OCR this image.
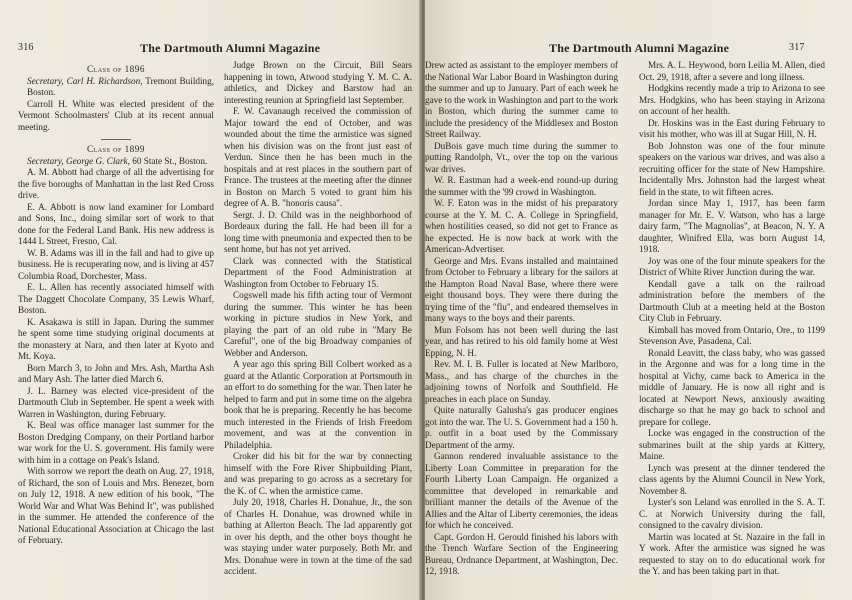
316	The Dartmouth Alumni Magazine

Class of 1896

Secretary, Carl H. Richardson, Tremont Building, Boston.

Carroll H. White was elected president of the Vermont Schoolmasters' Club at its recent annual meeting.

Class of 1899

Secretary, George G. Clark, 60 State St., Boston.

A. M. Abbott had charge of all the advertising for the five boroughs of Manhattan in the last Red Cross drive.

E. A. Abbott is now land examiner for Lombard and Sons, Inc., doing similar sort of work to that done for the Federal Land Bank. His new address is 1444 L Street, Fresno, Cal.

W. B. Adams was ill in the fall and had to give up business. He is recuperating now, and is living at 457 Columbia Road, Dorchester, Mass.

E. L. Allen has recently associated himself with The Daggett Chocolate Company, 35 Lewis Wharf, Boston.

K. Asakawa is still in Japan. During the summer he spent some time studying original documents at the monastery at Nara, and then later at Kyoto and Mt. Koya.

Born March 3, to John and Mrs. Ash, Martha Ash and Mary Ash. The latter died March 6.

J. L. Barney was elected vice-president of the Dartmouth Club in September. He spent a week with Warren in Washington, during February.

K. Beal was office manager last summer for the Boston Dredging Company, on their Portland harbor war work for the U. S. government. His family were with him in a cottage on Peak's Island.

With sorrow we report the death on Aug. 27, 1918, of Richard, the son of Louis and Mrs. Benezet, born on July 12, 1918. A new edition of his book, "The World War and What Was Behind It", was published in the summer. He attended the conference of the National Educational Association at Chicago the last of February.

Judge Brown on the Circuit, Bill Sears happening in town, Atwood studying Y. M. C. A. athletics, and Dickey and Barstow had an interesting reunion at Springfield last September.

F. W. Cavanaugh received the commission of Major toward the end of October, and was wounded about the time the armistice was signed when his division was on the front just east of Verdun. Since then he has been much in the hospitals and at rest places in the southern part of France. The trustees at the meeting after the dinner in Boston on March 5 voted to grant him his degree of A. B. "honoris causa".

Sergt. J. D. Child was in the neighborhood of Bordeaux during the fall. He had been ill for a long time with pneumonia and expected then to be sent home, but has not yet arrived.

Clark was connected with the Statistical Department of the Food Administration at Washington from October to February 15.

Cogswell made his fifth acting tour of Vermont during the summer. This winter he has been working in picture studios in New York, and playing the part of an old rube in "Mary Be Careful", one of the big Broadway companies of Webber and Anderson.

A year ago this spring Bill Colbert worked as a guard at the Atlantic Corporation at Portsmouth in an effort to do something for the war. Then later he helped to farm and put in some time on the algebra book that he is preparing. Recently he has become much interested in the Friends of Irish Freedom movement, and was at the convention in Philadelphia.

Croker did his bit for the war by connecting himself with the Fore River Shipbuilding Plant, and was preparing to go across as a secretary for the K. of C. when the armistice came.

July 20, 1918, Charles H. Donahue, Jr., the son of Charles H. Donahue, was drowned while in bathing at Allerton Beach. The lad apparently got in over his depth, and the other boys thought he was staying under water purposely. Both Mr. and Mrs. Donahue were in town at the time of the sad accident.

The Dartmouth Alumni Magazine	317

Drew acted as assistant to the employer members of the National War Labor Board in Washington during the summer and up to January. Part of each week he gave to the work in Washington and part to the work in Boston, which during the summer came to include the presidency of the Middlesex and Boston Street Railway.

DuBois gave much time during the summer to putting Randolph, Vt., over the top on the various war drives.

W. R. Eastman had a week-end round-up during the summer with the '99 crowd in Washington.

W. F. Eaton was in the midst of his preparatory course at the Y. M. C. A. College in Springfield, when hostilities ceased, so did not get to France as he expected. He is now back at work with the American-Advertiser.

George and Mrs. Evans installed and maintained from October to February a library for the sailors at the Hampton Road Naval Base, where there were eight thousand boys. They were there during the trying time of the "flu", and endeared themselves in many ways to the boys and their parents.

Mun Folsom has not been well during the last year, and has retired to his old family home at West Epping, N. H.

Rev. M. I. B. Fuller is located at New Marlboro, Mass., and has charge of the churches in the adjoining towns of Norfolk and Southfield. He preaches in each place on Sunday.

Quite naturally Galusha's gas producer engines got into the war. The U. S. Government had a 150 h. p. outfit in a boat used by the Commissary Department of the army.

Gannon rendered invaluable assistance to the Liberty Loan Committee in preparation for the Fourth Liberty Loan Campaign. He organized a committee that developed in remarkable and brilliant manner the details of the Avenue of the Allies and the Altar of Liberty ceremonies, the ideas for which he conceived.

Capt. Gordon H. Gerould finished his labors with the Trench Warfare Section of the Engineering Bureau, Ordnance Department, at Washington, Dec. 12, 1918.

Mrs. A. L. Heywood, born Leilia M. Allen, died Oct. 29, 1918, after a severe and long illness.

Hodgkins recently made a trip to Arizona to see Mrs. Hodgkins, who has been staying in Arizona on account of her health.

Dr. Hoskins was in the East during February to visit his mother, who was ill at Sugar Hill, N. H.

Bob Johnston was one of the four minute speakers on the various war drives, and was also a recruiting officer for the state of New Hampshire. Incidentally Mrs. Johnston had the largest wheat field in the state, to wit fifteen acres.

Jordan since May 1, 1917, has been farm manager for Mr. E. V. Watson, who has a large dairy farm, "The Magnolias", at Beacon, N. Y. A daughter, Winifred Ella, was born August 14, 1918.

Joy was one of the four minute speakers for the District of White River Junction during the war.

Kendall gave a talk on the railroad administration before the members of the Dartmouth Club at a meeting held at the Boston City Club in February.

Kimball has moved from Ontario, Ore., to 1199 Stevenson Ave, Pasadena, Cal.

Ronald Leavitt, the class baby, who was gassed in the Argonne and was for a long time in the hospital at Vichy, came back to America in the middle of January. He is now all right and is located at Newport News, anxiously awaiting discharge so that he may go back to school and prepare for college.

Locke was engaged in the construction of the submarines built at the ship yards at Kittery, Maine.

Lynch was present at the dinner tendered the class agents by the Alumni Council in New York, November 8.

Lyster's son Leland was enrolled in the S. A. T. C. at Norwich University during the fall, consigned to the cavalry division.

Martin was located at St. Nazaire in the fall in Y work. After the armistice was signed he was requested to stay on to do educational work for the Y. and has been taking part in that.
